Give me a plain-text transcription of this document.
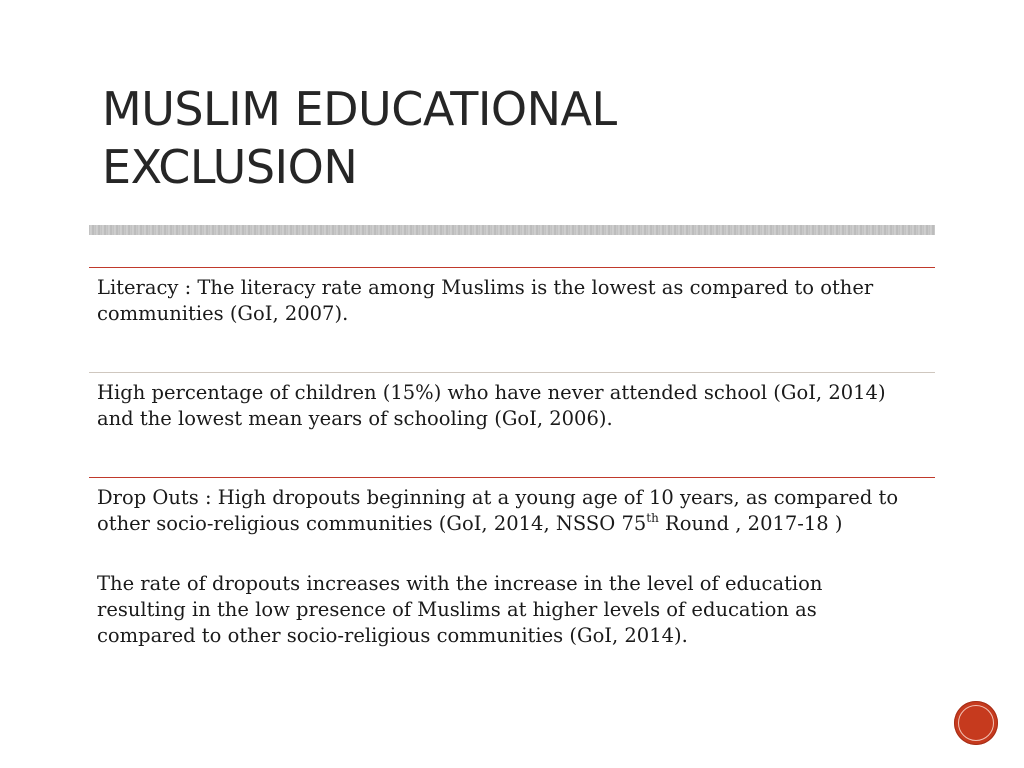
MUSLIM EDUCATIONAL
EXCLUSION

Literacy : The literacy rate among Muslims is the lowest as compared to other communities (GoI, 2007).

High percentage of children (15%) who have never attended school (GoI, 2014) and the lowest mean years of schooling (GoI, 2006).

Drop Outs : High dropouts beginning at a young age of 10 years, as compared to other socio-religious communities (GoI, 2014, NSSO 75th Round , 2017-18 )

The rate of dropouts increases with the increase in the level of education resulting in the low presence of Muslims at higher levels of education as compared to other socio-religious communities (GoI, 2014).
